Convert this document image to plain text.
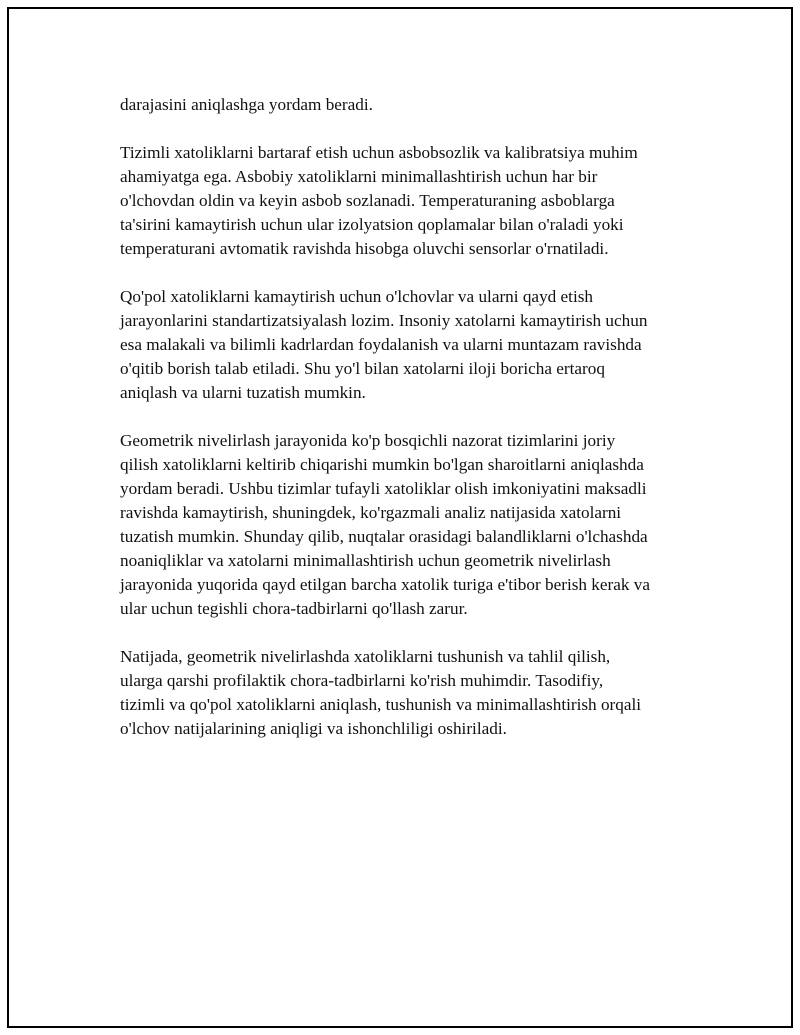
darajasini aniqlashga yordam beradi.

Tizimli xatoliklarni bartaraf etish uchun asbobsozlik va kalibratsiya muhim
ahamiyatga ega. Asbobiy xatoliklarni minimallashtirish uchun har bir
o'lchovdan oldin va keyin asbob sozlanadi. Temperaturaning asboblarga
ta'sirini kamaytirish uchun ular izolyatsion qoplamalar bilan o'raladi yoki
temperaturani avtomatik ravishda hisobga oluvchi sensorlar o'rnatiladi.

Qo'pol xatoliklarni kamaytirish uchun o'lchovlar va ularni qayd etish
jarayonlarini standartizatsiyalash lozim. Insoniy xatolarni kamaytirish uchun
esa malakali va bilimli kadrlardan foydalanish va ularni muntazam ravishda
o'qitib borish talab etiladi. Shu yo'l bilan xatolarni iloji boricha ertaroq
aniqlash va ularni tuzatish mumkin.

Geometrik nivelirlash jarayonida ko'p bosqichli nazorat tizimlarini joriy
qilish xatoliklarni keltirib chiqarishi mumkin bo'lgan sharoitlarni aniqlashda
yordam beradi. Ushbu tizimlar tufayli xatoliklar olish imkoniyatini maksadli
ravishda kamaytirish, shuningdek, ko'rgazmali analiz natijasida xatolarni
tuzatish mumkin. Shunday qilib, nuqtalar orasidagi balandliklarni o'lchashda
noaniqliklar va xatolarni minimallashtirish uchun geometrik nivelirlash
jarayonida yuqorida qayd etilgan barcha xatolik turiga e'tibor berish kerak va
ular uchun tegishli chora-tadbirlarni qo'llash zarur.

Natijada, geometrik nivelirlashda xatoliklarni tushunish va tahlil qilish,
ularga qarshi profilaktik chora-tadbirlarni ko'rish muhimdir. Tasodifiy,
tizimli va qo'pol xatoliklarni aniqlash, tushunish va minimallashtirish orqali
o'lchov natijalarining aniqligi va ishonchliligi oshiriladi.
